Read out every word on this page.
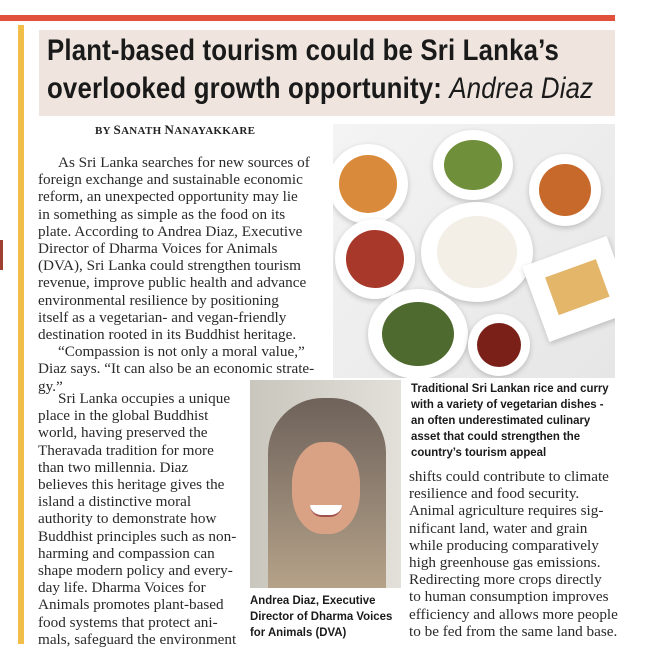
Plant-based tourism could be Sri Lanka’s
overlooked growth opportunity: Andrea Diaz
BY SANATH NANAYAKKARE
As Sri Lanka searches for new sources of
foreign exchange and sustainable economic
reform, an unexpected opportunity may lie
in something as simple as the food on its
plate. According to Andrea Diaz, Executive
Director of Dharma Voices for Animals
(DVA), Sri Lanka could strengthen tourism
revenue, improve public health and advance
environmental resilience by positioning
itself as a vegetarian- and vegan-friendly
destination rooted in its Buddhist heritage.
“Compassion is not only a moral value,”
Diaz says. “It can also be an economic strate-
gy.”
Sri Lanka occupies a unique
place in the global Buddhist
world, having preserved the
Theravada tradition for more
than two millennia. Diaz
believes this heritage gives the
island a distinctive moral
authority to demonstrate how
Buddhist principles such as non-
harming and compassion can
shape modern policy and every-
day life. Dharma Voices for
Animals promotes plant-based
food systems that protect ani-
mals, safeguard the environment
shifts could contribute to climate
resilience and food security.
Animal agriculture requires sig-
nificant land, water and grain
while producing comparatively
high greenhouse gas emissions.
Redirecting more crops directly
to human consumption improves
efficiency and allows more people
to be fed from the same land base.
Traditional Sri Lankan rice and curry
with a variety of vegetarian dishes -
an often underestimated culinary
asset that could strengthen the
country’s tourism appeal
Andrea Diaz, Executive
Director of Dharma Voices
for Animals (DVA)
